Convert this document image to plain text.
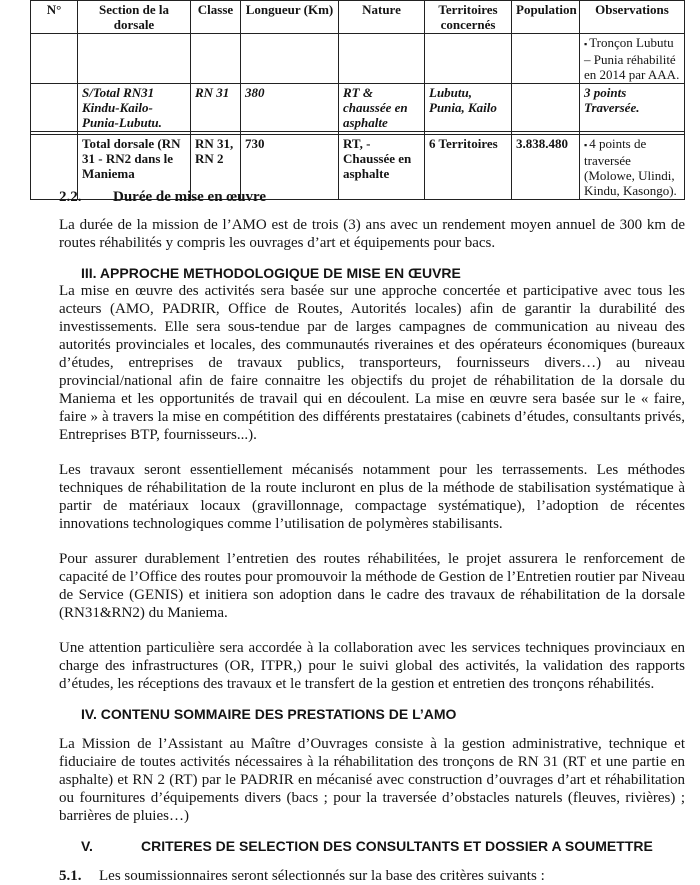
N°	Section de la dorsale	Classe	Longueur (Km)	Nature	Territoires concernés	Population	Observations
							▪ Tronçon Lubutu – Punia réhabilité en 2014 par AAA.
	S/Total RN31 Kindu-Kailo-Punia-Lubutu.	RN 31	380	RT & chaussée en asphalte	Lubutu, Punia, Kailo		3 points Traversée.

	Total dorsale (RN 31 - RN2 dans le Maniema	RN 31, RN 2	730	RT, - Chaussée en asphalte	6 Territoires	3.838.480	▪ 4 points de traversée (Molowe, Ulindi, Kindu, Kasongo).
2.2. Durée de mise en œuvre

La durée de la mission de l’AMO est de trois (3) ans avec un rendement moyen annuel de 300 km de routes réhabilités y compris les ouvrages d’art et équipements pour bacs.

III. APPROCHE METHODOLOGIQUE DE MISE EN ŒUVRE

La mise en œuvre des activités sera basée sur une approche concertée et participative avec tous les acteurs (AMO, PADRIR, Office de Routes, Autorités locales) afin de garantir la durabilité des investissements. Elle sera sous-tendue par de larges campagnes de communication au niveau des autorités provinciales et locales, des communautés riveraines et des opérateurs économiques (bureaux d’études, entreprises de travaux publics, transporteurs, fournisseurs divers…) au niveau provincial/national afin de faire connaitre les objectifs du projet de réhabilitation de la dorsale du Maniema et les opportunités de travail qui en découlent. La mise en œuvre sera basée sur le « faire, faire » à travers la mise en compétition des différents prestataires (cabinets d’études, consultants privés, Entreprises BTP, fournisseurs...).

Les travaux seront essentiellement mécanisés notamment pour les terrassements. Les méthodes techniques de réhabilitation de la route incluront en plus de la méthode de stabilisation systématique à partir de matériaux locaux (gravillonnage, compactage systématique), l’adoption de récentes innovations technologiques comme l’utilisation de polymères stabilisants.

Pour assurer durablement l’entretien des routes réhabilitées, le projet assurera le renforcement de capacité de l’Office des routes pour promouvoir la méthode de Gestion de l’Entretien routier par Niveau de Service (GENIS) et initiera son adoption dans le cadre des travaux de réhabilitation de la dorsale (RN31&RN2) du Maniema.

Une attention particulière sera accordée à la collaboration avec les services techniques provinciaux en charge des infrastructures (OR, ITPR,) pour le suivi global des activités, la validation des rapports d’études, les réceptions des travaux et le transfert de la gestion et entretien des tronçons réhabilités.

IV. CONTENU SOMMAIRE DES PRESTATIONS DE L’AMO

La Mission de l’Assistant au Maître d’Ouvrages consiste à la gestion administrative, technique et fiduciaire de toutes activités nécessaires à la réhabilitation des tronçons de RN 31 (RT et une partie en asphalte) et RN 2 (RT) par le PADRIR en mécanisé avec construction d’ouvrages d’art et réhabilitation ou fournitures d’équipements divers (bacs ; pour la traversée d’obstacles naturels (fleuves, rivières) ; barrières de pluies…)

V.	CRITERES DE SELECTION DES CONSULTANTS ET DOSSIER A SOUMETTRE
5.1. Les soumissionnaires seront sélectionnés sur la base des critères suivants :
